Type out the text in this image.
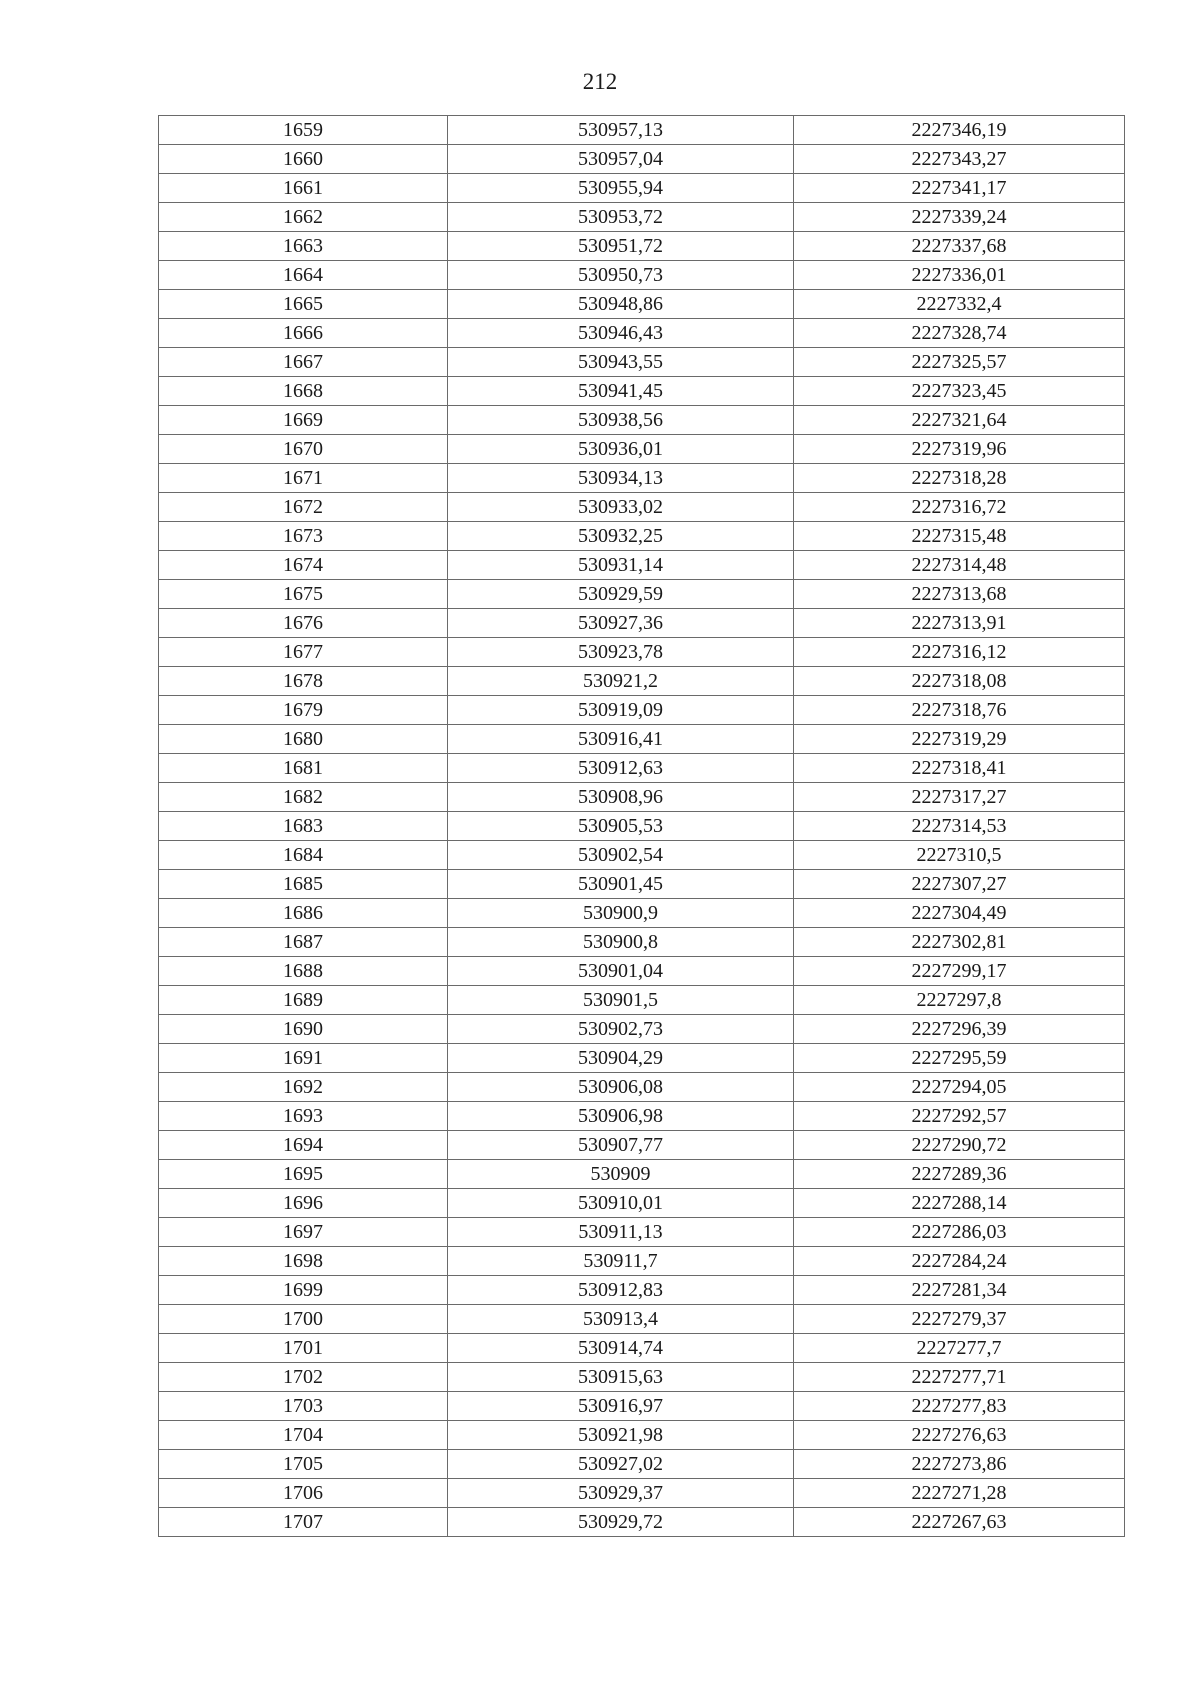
212
1659	530957,13	2227346,19
1660	530957,04	2227343,27
1661	530955,94	2227341,17
1662	530953,72	2227339,24
1663	530951,72	2227337,68
1664	530950,73	2227336,01
1665	530948,86	2227332,4
1666	530946,43	2227328,74
1667	530943,55	2227325,57
1668	530941,45	2227323,45
1669	530938,56	2227321,64
1670	530936,01	2227319,96
1671	530934,13	2227318,28
1672	530933,02	2227316,72
1673	530932,25	2227315,48
1674	530931,14	2227314,48
1675	530929,59	2227313,68
1676	530927,36	2227313,91
1677	530923,78	2227316,12
1678	530921,2	2227318,08
1679	530919,09	2227318,76
1680	530916,41	2227319,29
1681	530912,63	2227318,41
1682	530908,96	2227317,27
1683	530905,53	2227314,53
1684	530902,54	2227310,5
1685	530901,45	2227307,27
1686	530900,9	2227304,49
1687	530900,8	2227302,81
1688	530901,04	2227299,17
1689	530901,5	2227297,8
1690	530902,73	2227296,39
1691	530904,29	2227295,59
1692	530906,08	2227294,05
1693	530906,98	2227292,57
1694	530907,77	2227290,72
1695	530909	2227289,36
1696	530910,01	2227288,14
1697	530911,13	2227286,03
1698	530911,7	2227284,24
1699	530912,83	2227281,34
1700	530913,4	2227279,37
1701	530914,74	2227277,7
1702	530915,63	2227277,71
1703	530916,97	2227277,83
1704	530921,98	2227276,63
1705	530927,02	2227273,86
1706	530929,37	2227271,28
1707	530929,72	2227267,63
